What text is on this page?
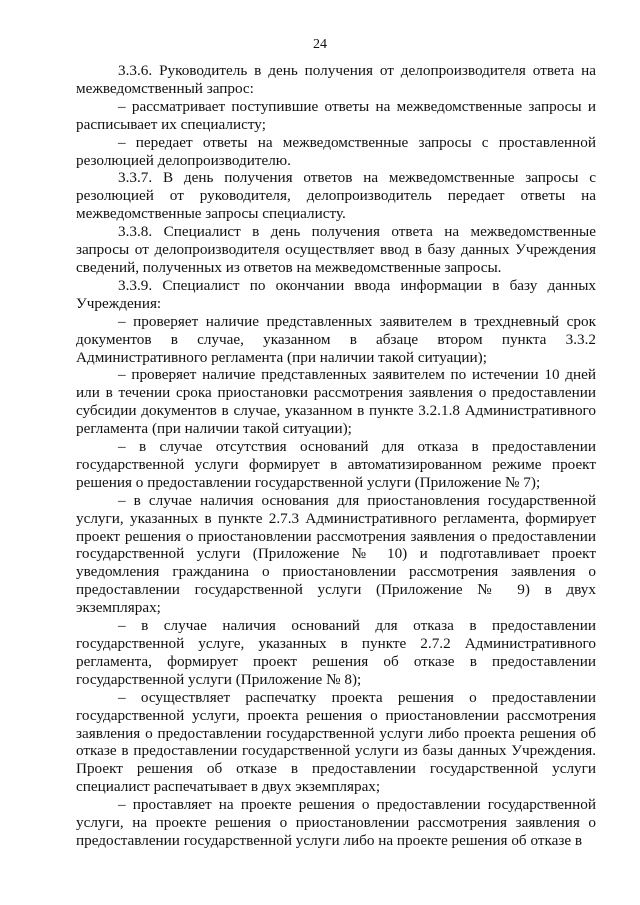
24

3.3.6. Руководитель в день получения от делопроизводителя ответа на межведомственный запрос:

– рассматривает поступившие ответы на межведомственные запросы и расписывает их специалисту;

– передает ответы на межведомственные запросы с проставленной резолюцией делопроизводителю.

3.3.7. В день получения ответов на межведомственные запросы с резолюцией от руководителя, делопроизводитель передает ответы на межведомственные запросы специалисту.

3.3.8. Специалист в день получения ответа на межведомственные запросы от делопроизводителя осуществляет ввод в базу данных Учреждения сведений, полученных из ответов на межведомственные запросы.

3.3.9. Специалист по окончании ввода информации в базу данных Учреждения:

– проверяет наличие представленных заявителем в трехдневный срок документов в случае, указанном в абзаце втором пункта 3.3.2 Административного регламента (при наличии такой ситуации);

– проверяет наличие представленных заявителем по истечении 10 дней или в течении срока приостановки рассмотрения заявления о предоставлении субсидии документов в случае, указанном в пункте 3.2.1.8 Административного регламента (при наличии такой ситуации);

– в случае отсутствия оснований для отказа в предоставлении государственной услуги формирует в автоматизированном режиме проект решения о предоставлении государственной услуги (Приложение № 7);

– в случае наличия основания для приостановления государственной услуги, указанных в пункте 2.7.3 Административного регламента, формирует проект решения о приостановлении рассмотрения заявления о предоставлении государственной услуги (Приложение № 10) и подготавливает проект уведомления гражданина о приостановлении рассмотрения заявления о предоставлении государственной услуги (Приложение № 9) в двух экземплярах;

– в случае наличия оснований для отказа в предоставлении государственной услуге, указанных в пункте 2.7.2 Административного регламента, формирует проект решения об отказе в предоставлении государственной услуги (Приложение № 8);

– осуществляет распечатку проекта решения о предоставлении государственной услуги, проекта решения о приостановлении рассмотрения заявления о предоставлении государственной услуги либо проекта решения об отказе в предоставлении государственной услуги из базы данных Учреждения. Проект решения об отказе в предоставлении государственной услуги специалист распечатывает в двух экземплярах;

– проставляет на проекте решения о предоставлении государственной услуги, на проекте решения о приостановлении рассмотрения заявления о предоставлении государственной услуги либо на проекте решения об отказе в
